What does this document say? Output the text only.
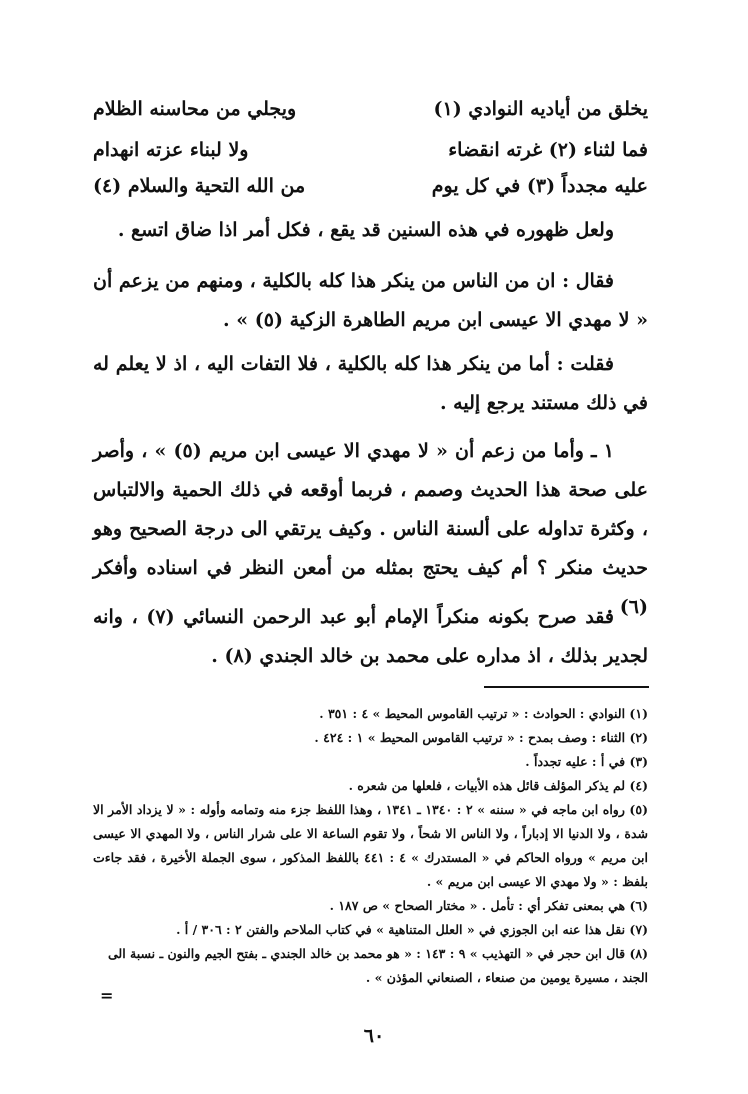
يخلق من أياديه النوادي (١)
ويجلي من محاسنه الظلام
فما لثناء (٢) غرته انقضاء
ولا لبناء عزته انهدام
عليه مجدداً (٣) في كل يوم
من الله التحية والسلام (٤)

ولعل ظهوره في هذه السنين قد يقع ، فكل أمر اذا ضاق اتسع .

فقال : ان من الناس من ينكر هذا كله بالكلية ، ومنهم من يزعم أن « لا مهدي الا عيسى ابن مريم الطاهرة الزكية (٥) » .

فقلت : أما من ينكر هذا كله بالكلية ، فلا التفات اليه ، اذ لا يعلم له في ذلك مستند يرجع إليه .

١ ـ وأما من زعم أن « لا مهدي الا عيسى ابن مريم (٥) » ، وأصر على صحة هذا الحديث وصمم ، فربما أوقعه في ذلك الحمية والالتباس ، وكثرة تداوله على ألسنة الناس . وكيف يرتقي الى درجة الصحيح وهو حديث منكر ؟ أم كيف يحتج بمثله من أمعن النظر في اسناده وأفكر (٦) .

فقد صرح بكونه منكراً الإمام أبو عبد الرحمن النسائي (٧) ، وانه لجدير بذلك ، اذ مداره على محمد بن خالد الجندي (٨) .

(١) النوادي : الحوادث : « ترتيب القاموس المحيط » ٤ : ٣٥١ .
(٢) الثناء : وصف بمدح : « ترتيب القاموس المحيط » ١ : ٤٢٤ .
(٣) في أ : عليه تجدداً .
(٤) لم يذكر المؤلف قائل هذه الأبيات ، فلعلها من شعره .
(٥) رواه ابن ماجه في « سننه » ٢ : ١٣٤٠ ـ ١٣٤١ ، وهذا اللفظ جزء منه وتمامه وأوله : « لا يزداد الأمر الا شدة ، ولا الدنيا الا إدباراً ، ولا الناس الا شحاً ، ولا تقوم الساعة الا على شرار الناس ، ولا المهدي الا عيسى ابن مريم » ورواه الحاكم في « المستدرك » ٤ : ٤٤١ باللفظ المذكور ، سوى الجملة الأخيرة ، فقد جاءت بلفظ : « ولا مهدي الا عيسى ابن مريم » .
(٦) هي بمعنى تفكر أي : تأمل . « مختار الصحاح » ص ١٨٧ .
(٧) نقل هذا عنه ابن الجوزي في « العلل المتناهية » في كتاب الملاحم والفتن ٢ : ٣٠٦ / أ .
(٨) قال ابن حجر في « التهذيب » ٩ : ١٤٣ : « هو محمد بن خالد الجندي ـ بفتح الجيم والنون ـ نسبة الى
الجند ، مسيرة يومين من صنعاء ، الصنعاني المؤذن » .
=
٦٠
